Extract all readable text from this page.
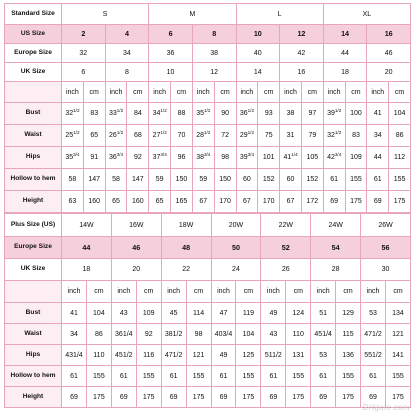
Standard Size	S				M				L				XL			
US Size	2		4		6		8		10		12		14		16	
Europe Size	32		34		36		38		40		42		44		46	
UK Size	6		8		10		12		14		16		18		20	
	inch	cm	inch	cm	inch	cm	inch	cm	inch	cm	inch	cm	inch	cm	inch	cm
Bust	$32^{1/2}$	83	$33^{1/2}$	84	$34^{1/2}$	88	$35^{1/2}$	90	$36^{1/2}$	93	38	97	$39^{1/2}$	100	41	104
Waist	$25^{1/2}$	65	$26^{1/2}$	68	$27^{1/2}$	70	$28^{1/2}$	72	$29^{1/2}$	75	31	79	$32^{1/2}$	83	34	86
Hips	$35^{3/4}$	91	$36^{3/4}$	92	$37^{3/4}$	96	$38^{3/4}$	98	$39^{3/4}$	101	$41^{1/4}$	105	$42^{3/4}$	109	44	112
Hollow to hem	58	147	58	147	59	150	59	150	60	152	60	152	61	155	61	155
Height	63	160	65	160	65	165	67	170	67	170	67	172	69	175	69	175
Plus Size (US)	14W		16W		18W		20W		22W		24W		26W	
Europe Size	44		46		48		50		52		54		56	
UK Size	18		20		22		24		26		28		30	
	inch	cm	inch	cm	inch	cm	inch	cm	inch	cm	inch	cm	inch	cm
Bust	41	104	43	109	45	114	47	119	49	124	51	129	53	134
Waist	34	86	361/4	92	381/2	98	403/4	104	43	110	451/4	115	471/2	121
Hips	431/4	110	451/2	116	471/2	121	49	125	511/2	131	53	136	551/2	141
Hollow to hem	61	155	61	155	61	155	61	155	61	155	61	155	61	155
Height	69	175	69	175	69	175	69	175	69	175	69	175	69	175
DHgate.com
